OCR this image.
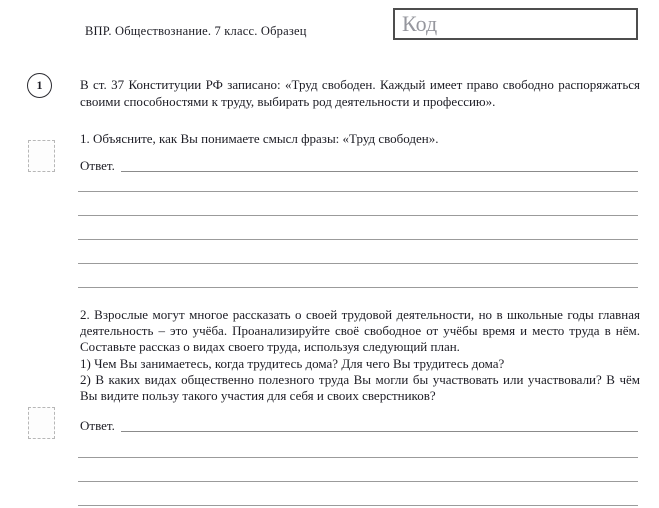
ВПР. Обществознание. 7 класс. Образец	Код
1	В ст. 37 Конституции РФ записано: «Труд свободен. Каждый имеет право свободно распоряжаться своими способностями к труду, выбирать род деятельности и профессию».
1. Объясните, как Вы понимаете смысл фразы: «Труд свободен».
Ответ.
2. Взрослые могут многое рассказать о своей трудовой деятельности, но в школьные годы главная деятельность – это учёба. Проанализируйте своё свободное от учёбы время и место труда в нём. Составьте рассказ о видах своего труда, используя следующий план.
1) Чем Вы занимаетесь, когда трудитесь дома? Для чего Вы трудитесь дома?
2) В каких видах общественно полезного труда Вы могли бы участвовать или участвовали? В чём Вы видите пользу такого участия для себя и своих сверстников?
Ответ.
